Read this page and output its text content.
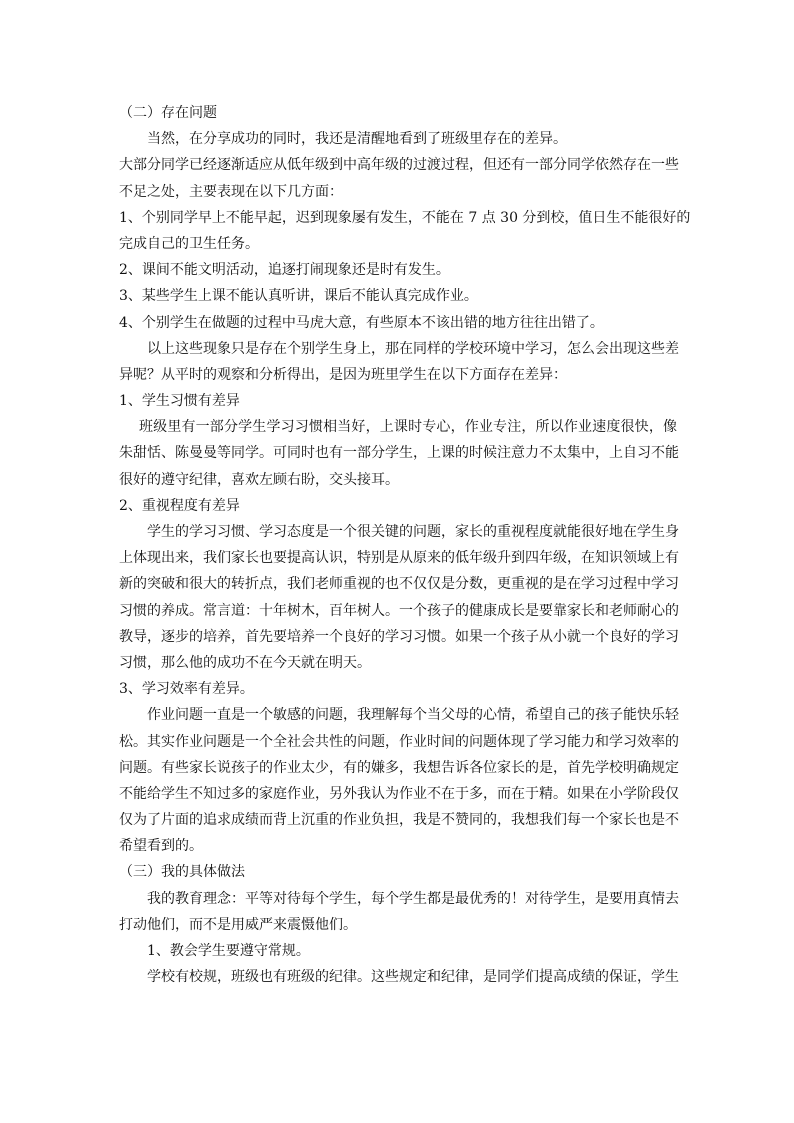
（二）存在问题
当然，在分享成功的同时，我还是清醒地看到了班级里存在的差异。
大部分同学已经逐渐适应从低年级到中高年级的过渡过程，但还有一部分同学依然存在一些
不足之处，主要表现在以下几方面：
1、个别同学早上不能早起，迟到现象屡有发生，不能在 7 点 30 分到校，值日生不能很好的
完成自己的卫生任务。
2、课间不能文明活动，追逐打闹现象还是时有发生。
3、某些学生上课不能认真听讲，课后不能认真完成作业。
4、个别学生在做题的过程中马虎大意，有些原本不该出错的地方往往出错了。
以上这些现象只是存在个别学生身上，那在同样的学校环境中学习，怎么会出现这些差
异呢？从平时的观察和分析得出，是因为班里学生在以下方面存在差异：
1、学生习惯有差异
班级里有一部分学生学习习惯相当好，上课时专心，作业专注，所以作业速度很快，像
朱甜恬、陈曼曼等同学。可同时也有一部分学生，上课的时候注意力不太集中，上自习不能
很好的遵守纪律，喜欢左顾右盼，交头接耳。
2、重视程度有差异
学生的学习习惯、学习态度是一个很关键的问题，家长的重视程度就能很好地在学生身
上体现出来，我们家长也要提高认识，特别是从原来的低年级升到四年级，在知识领域上有
新的突破和很大的转折点，我们老师重视的也不仅仅是分数，更重视的是在学习过程中学习
习惯的养成。常言道：十年树木，百年树人。一个孩子的健康成长是要靠家长和老师耐心的
教导，逐步的培养，首先要培养一个良好的学习习惯。如果一个孩子从小就一个良好的学习
习惯，那么他的成功不在今天就在明天。
3、学习效率有差异。
作业问题一直是一个敏感的问题，我理解每个当父母的心情，希望自己的孩子能快乐轻
松。其实作业问题是一个全社会共性的问题，作业时间的问题体现了学习能力和学习效率的
问题。有些家长说孩子的作业太少，有的嫌多，我想告诉各位家长的是，首先学校明确规定
不能给学生不知过多的家庭作业，另外我认为作业不在于多，而在于精。如果在小学阶段仅
仅为了片面的追求成绩而背上沉重的作业负担，我是不赞同的，我想我们每一个家长也是不
希望看到的。
（三）我的具体做法
我的教育理念：平等对待每个学生，每个学生都是最优秀的！对待学生，是要用真情去
打动他们，而不是用威严来震慑他们。
1、教会学生要遵守常规。
学校有校规，班级也有班级的纪律。这些规定和纪律，是同学们提高成绩的保证，学生
